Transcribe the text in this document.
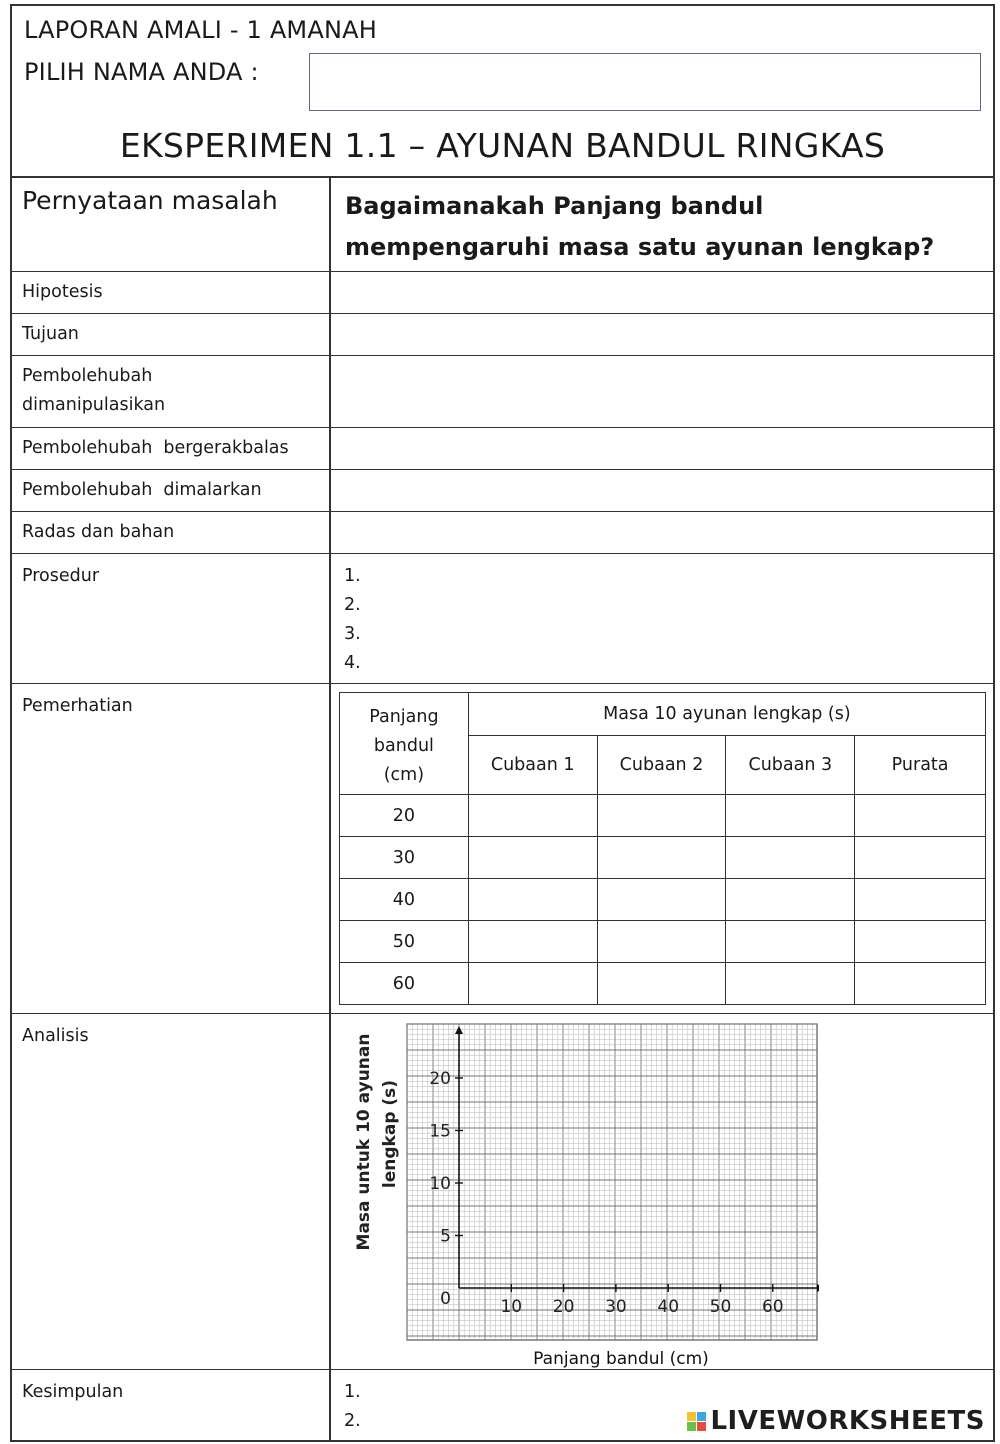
LAPORAN AMALI - 1 AMANAH
PILIH NAMA ANDA :
EKSPERIMEN 1.1 – AYUNAN BANDUL RINGKAS
Pernyataan masalah	Bagaimanakah Panjang bandul
mempengaruhi masa satu ayunan lengkap?
Hipotesis
Tujuan
Pembolehubah
dimanipulasikan
Pembolehubah  bergerakbalas
Pembolehubah  dimalarkan
Radas dan bahan
Prosedur	1.
2.
3.
4.
Pemerhatian
Panjang
bandul
(cm)	Masa 10 ayunan lengkap (s)			
	Cubaan 1	Cubaan 2	Cubaan 3	Purata
20				
30				
40				
50				
60				
Analisis
10 20 30 40 50 60
5
10
15
20
0
Panjang bandul (cm)
Masa untuk 10 ayunan lengkap (s)
Kesimpulan	1.
2.	LIVEWORKSHEETS
